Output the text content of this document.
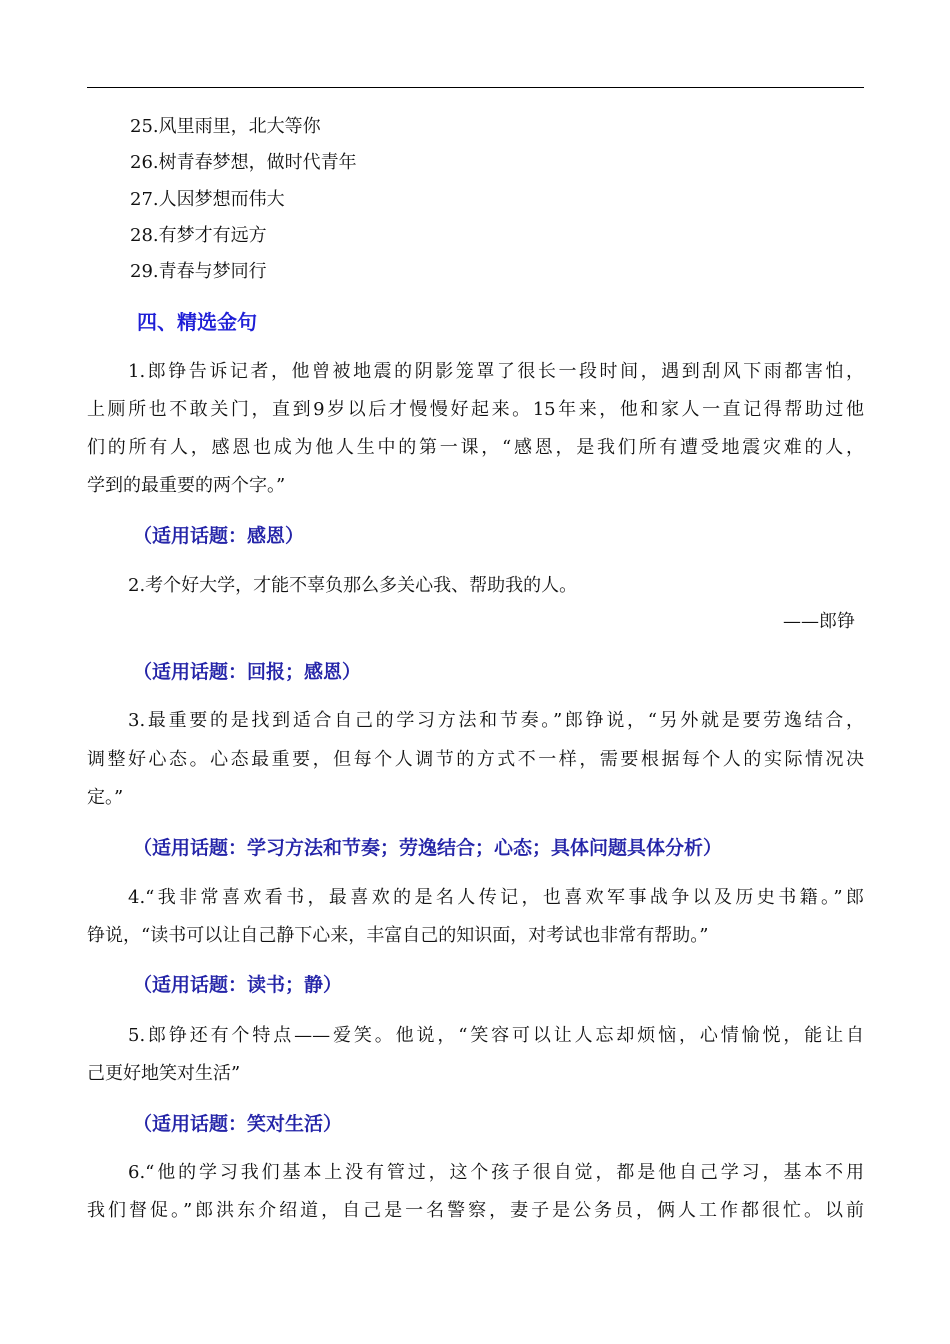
25.风里雨里，北大等你
26.树青春梦想，做时代青年
27.人因梦想而伟大
28.有梦才有远方
29.青春与梦同行
四、精选金句
1.郎铮告诉记者，他曾被地震的阴影笼罩了很长一段时间，遇到刮风下雨都害怕，
上厕所也不敢关门，直到9岁以后才慢慢好起来。15年来，他和家人一直记得帮助过他
们的所有人，感恩也成为他人生中的第一课，“感恩，是我们所有遭受地震灾难的人，
学到的最重要的两个字。”
（适用话题：感恩）
2.考个好大学，才能不辜负那么多关心我、帮助我的人。
——郎铮
（适用话题：回报；感恩）
3.最重要的是找到适合自己的学习方法和节奏。”郎铮说，“另外就是要劳逸结合，
调整好心态。心态最重要，但每个人调节的方式不一样，需要根据每个人的实际情况决
定。”
（适用话题：学习方法和节奏；劳逸结合；心态；具体问题具体分析）
4.“我非常喜欢看书，最喜欢的是名人传记，也喜欢军事战争以及历史书籍。”郎
铮说，“读书可以让自己静下心来，丰富自己的知识面，对考试也非常有帮助。”
（适用话题：读书；静）
5.郎铮还有个特点——爱笑。他说，“笑容可以让人忘却烦恼，心情愉悦，能让自
己更好地笑对生活”
（适用话题：笑对生活）
6.“他的学习我们基本上没有管过，这个孩子很自觉，都是他自己学习，基本不用
我们督促。”郎洪东介绍道，自己是一名警察，妻子是公务员，俩人工作都很忙。以前
